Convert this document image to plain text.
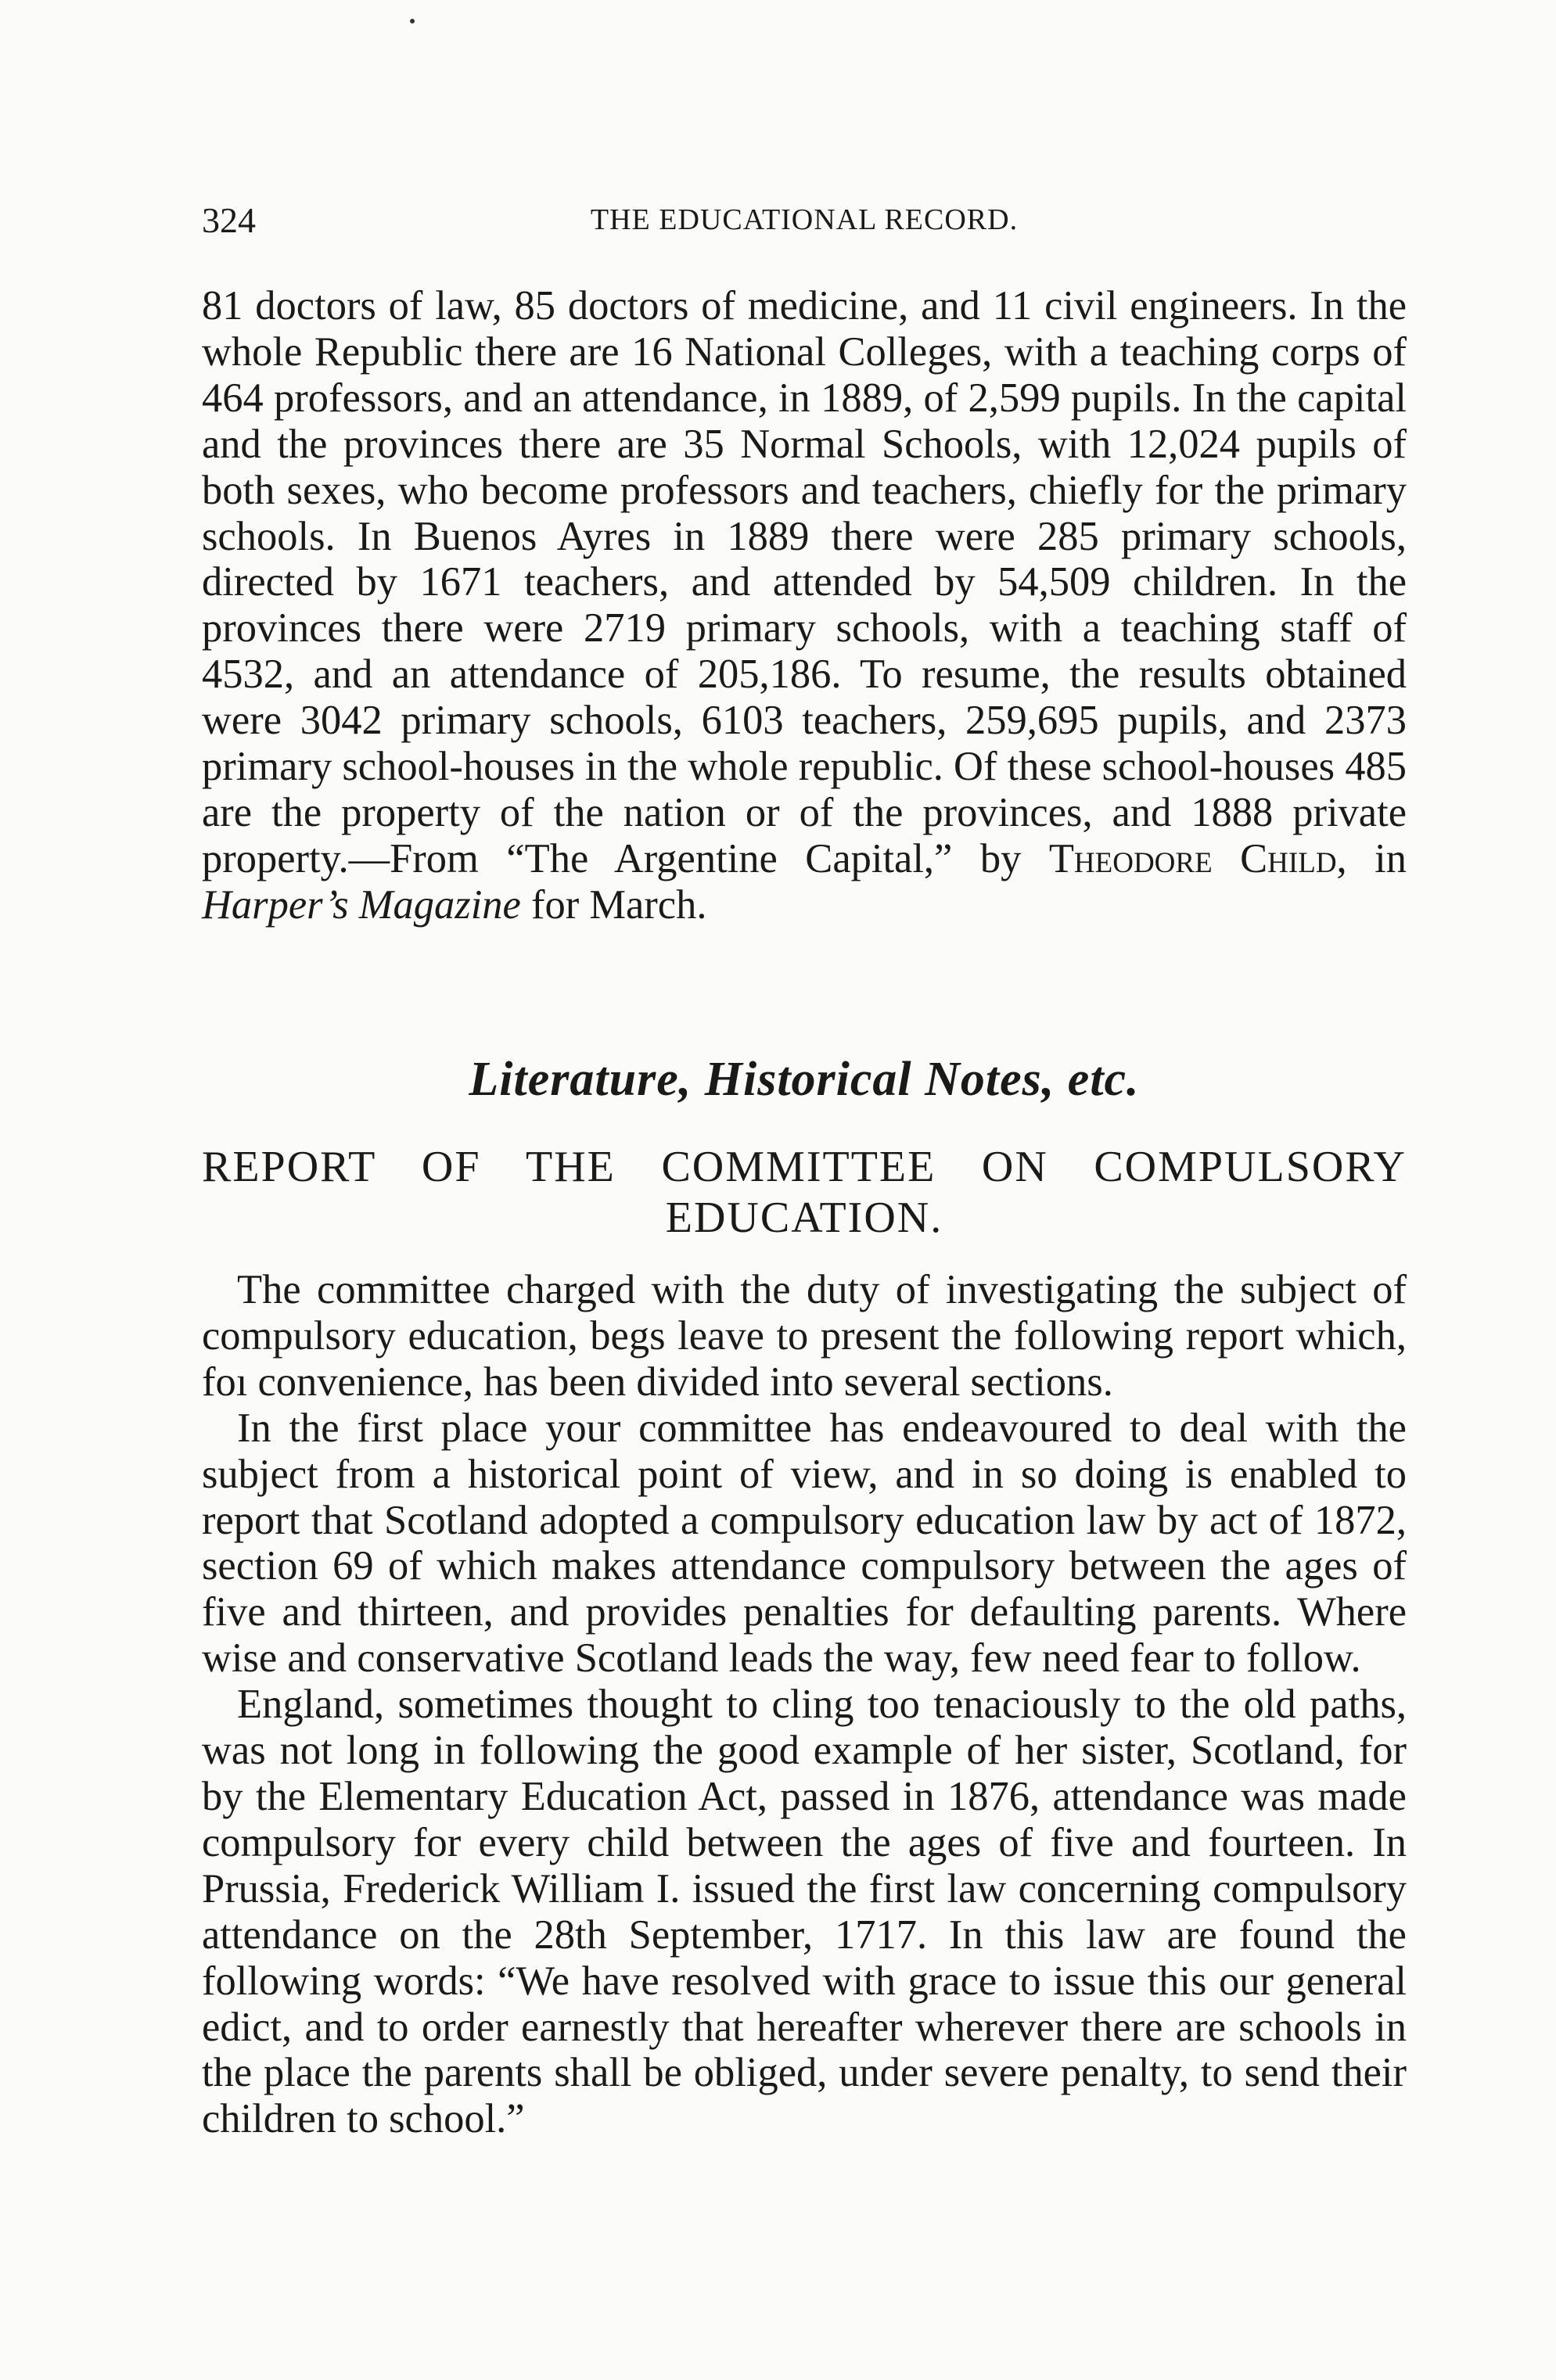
324	THE EDUCATIONAL RECORD.

81 doctors of law, 85 doctors of medicine, and 11 civil engineers. In the whole Republic there are 16 National Colleges, with a teaching corps of 464 professors, and an attendance, in 1889, of 2,599 pupils. In the capital and the provinces there are 35 Normal Schools, with 12,024 pupils of both sexes, who become professors and teachers, chiefly for the primary schools. In Buenos Ayres in 1889 there were 285 primary schools, directed by 1671 teachers, and attended by 54,509 children. In the provinces there were 2719 primary schools, with a teaching staff of 4532, and an attendance of 205,186. To resume, the results obtained were 3042 primary schools, 6103 teachers, 259,695 pupils, and 2373 primary school-houses in the whole republic. Of these school-houses 485 are the property of the nation or of the provinces, and 1888 private property.—From “The Argentine Capital,” by Theodore Child, in Harper’s Magazine for March.

Literature, Historical Notes, etc.
REPORT OF THE COMMITTEE ON COMPULSORY
EDUCATION.

The committee charged with the duty of investigating the subject of compulsory education, begs leave to present the following report which, foı convenience, has been divided into several sections.

In the first place your committee has endeavoured to deal with the subject from a historical point of view, and in so doing is enabled to report that Scotland adopted a compulsory education law by act of 1872, section 69 of which makes attendance compulsory between the ages of five and thirteen, and provides penalties for defaulting parents. Where wise and conservative Scotland leads the way, few need fear to follow.

England, sometimes thought to cling too tenaciously to the old paths, was not long in following the good example of her sister, Scotland, for by the Elementary Education Act, passed in 1876, attendance was made compulsory for every child between the ages of five and fourteen. In Prussia, Frederick William I. issued the first law concerning compulsory attendance on the 28th September, 1717. In this law are found the following words: “We have resolved with grace to issue this our general edict, and to order earnestly that hereafter wherever there are schools in the place the parents shall be obliged, under severe penalty, to send their children to school.”
